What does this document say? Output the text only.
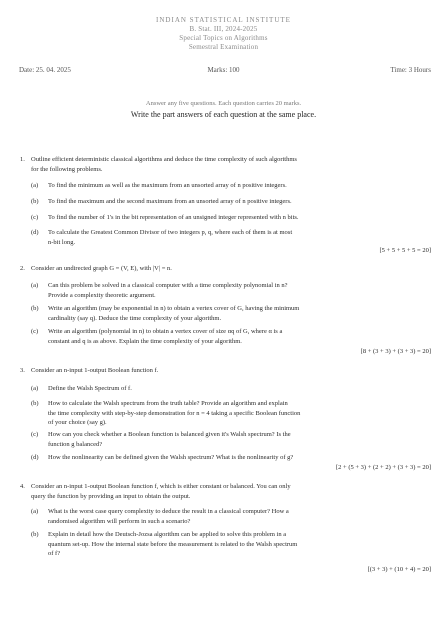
INDIAN STATISTICAL INSTITUTE
B. Stat. III, 2024-2025
Special Topics on Algorithms
Semestral Examination
Date: 25. 04. 2025	Marks: 100	Time: 3 Hours
Answer any five questions. Each question carries 20 marks.
Write the part answers of each question at the same place.
1. Outline efficient deterministic classical algorithms and deduce the time complexity of such algorithms
for the following problems.
(a)	To find the minimum as well as the maximum from an unsorted array of n positive integers.
(b)	To find the maximum and the second maximum from an unsorted array of n positive integers.
(c)	To find the number of 1's in the bit representation of an unsigned integer represented with n bits.
(d)	To calculate the Greatest Common Divisor of two integers p, q, where each of them is at most
n-bit long.
[5 + 5 + 5 + 5 = 20]
2. Consider an undirected graph G = (V, E), with |V| = n.
(a)	Can this problem be solved in a classical computer with a time complexity polynomial in n?
Provide a complexity theoretic argument.
(b)	Write an algorithm (may be exponential in n) to obtain a vertex cover of G, having the minimum
cardinality (say q). Deduce the time complexity of your algorithm.
(c)	Write an algorithm (polynomial in n) to obtain a vertex cover of size αq of G, where α is a
constant and q is as above. Explain the time complexity of your algorithm.
[8 + (3 + 3) + (3 + 3) = 20]
3. Consider an n-input 1-output Boolean function f.
(a)	Define the Walsh Spectrum of f.
(b)	How to calculate the Walsh spectrum from the truth table? Provide an algorithm and explain
the time complexity with step-by-step demonstration for n = 4 taking a specific Boolean function
of your choice (say g).
(c)	How can you check whether a Boolean function is balanced given it's Walsh spectrum? Is the
function g balanced?
(d)	How the nonlinearity can be defined given the Walsh spectrum? What is the nonlinearity of g?
[2 + (5 + 3) + (2 + 2) + (3 + 3) = 20]
4. Consider an n-input 1-output Boolean function f, which is either constant or balanced. You can only
query the function by providing an input to obtain the output.
(a)	What is the worst case query complexity to deduce the result in a classical computer? How a
randomised algorithm will perform in such a scenario?
(b)	Explain in detail how the Deutsch-Jozsa algorithm can be applied to solve this problem in a
quantum set-up. How the internal state before the measurement is related to the Walsh spectrum
of f?
[(3 + 3) + (10 + 4) = 20]
